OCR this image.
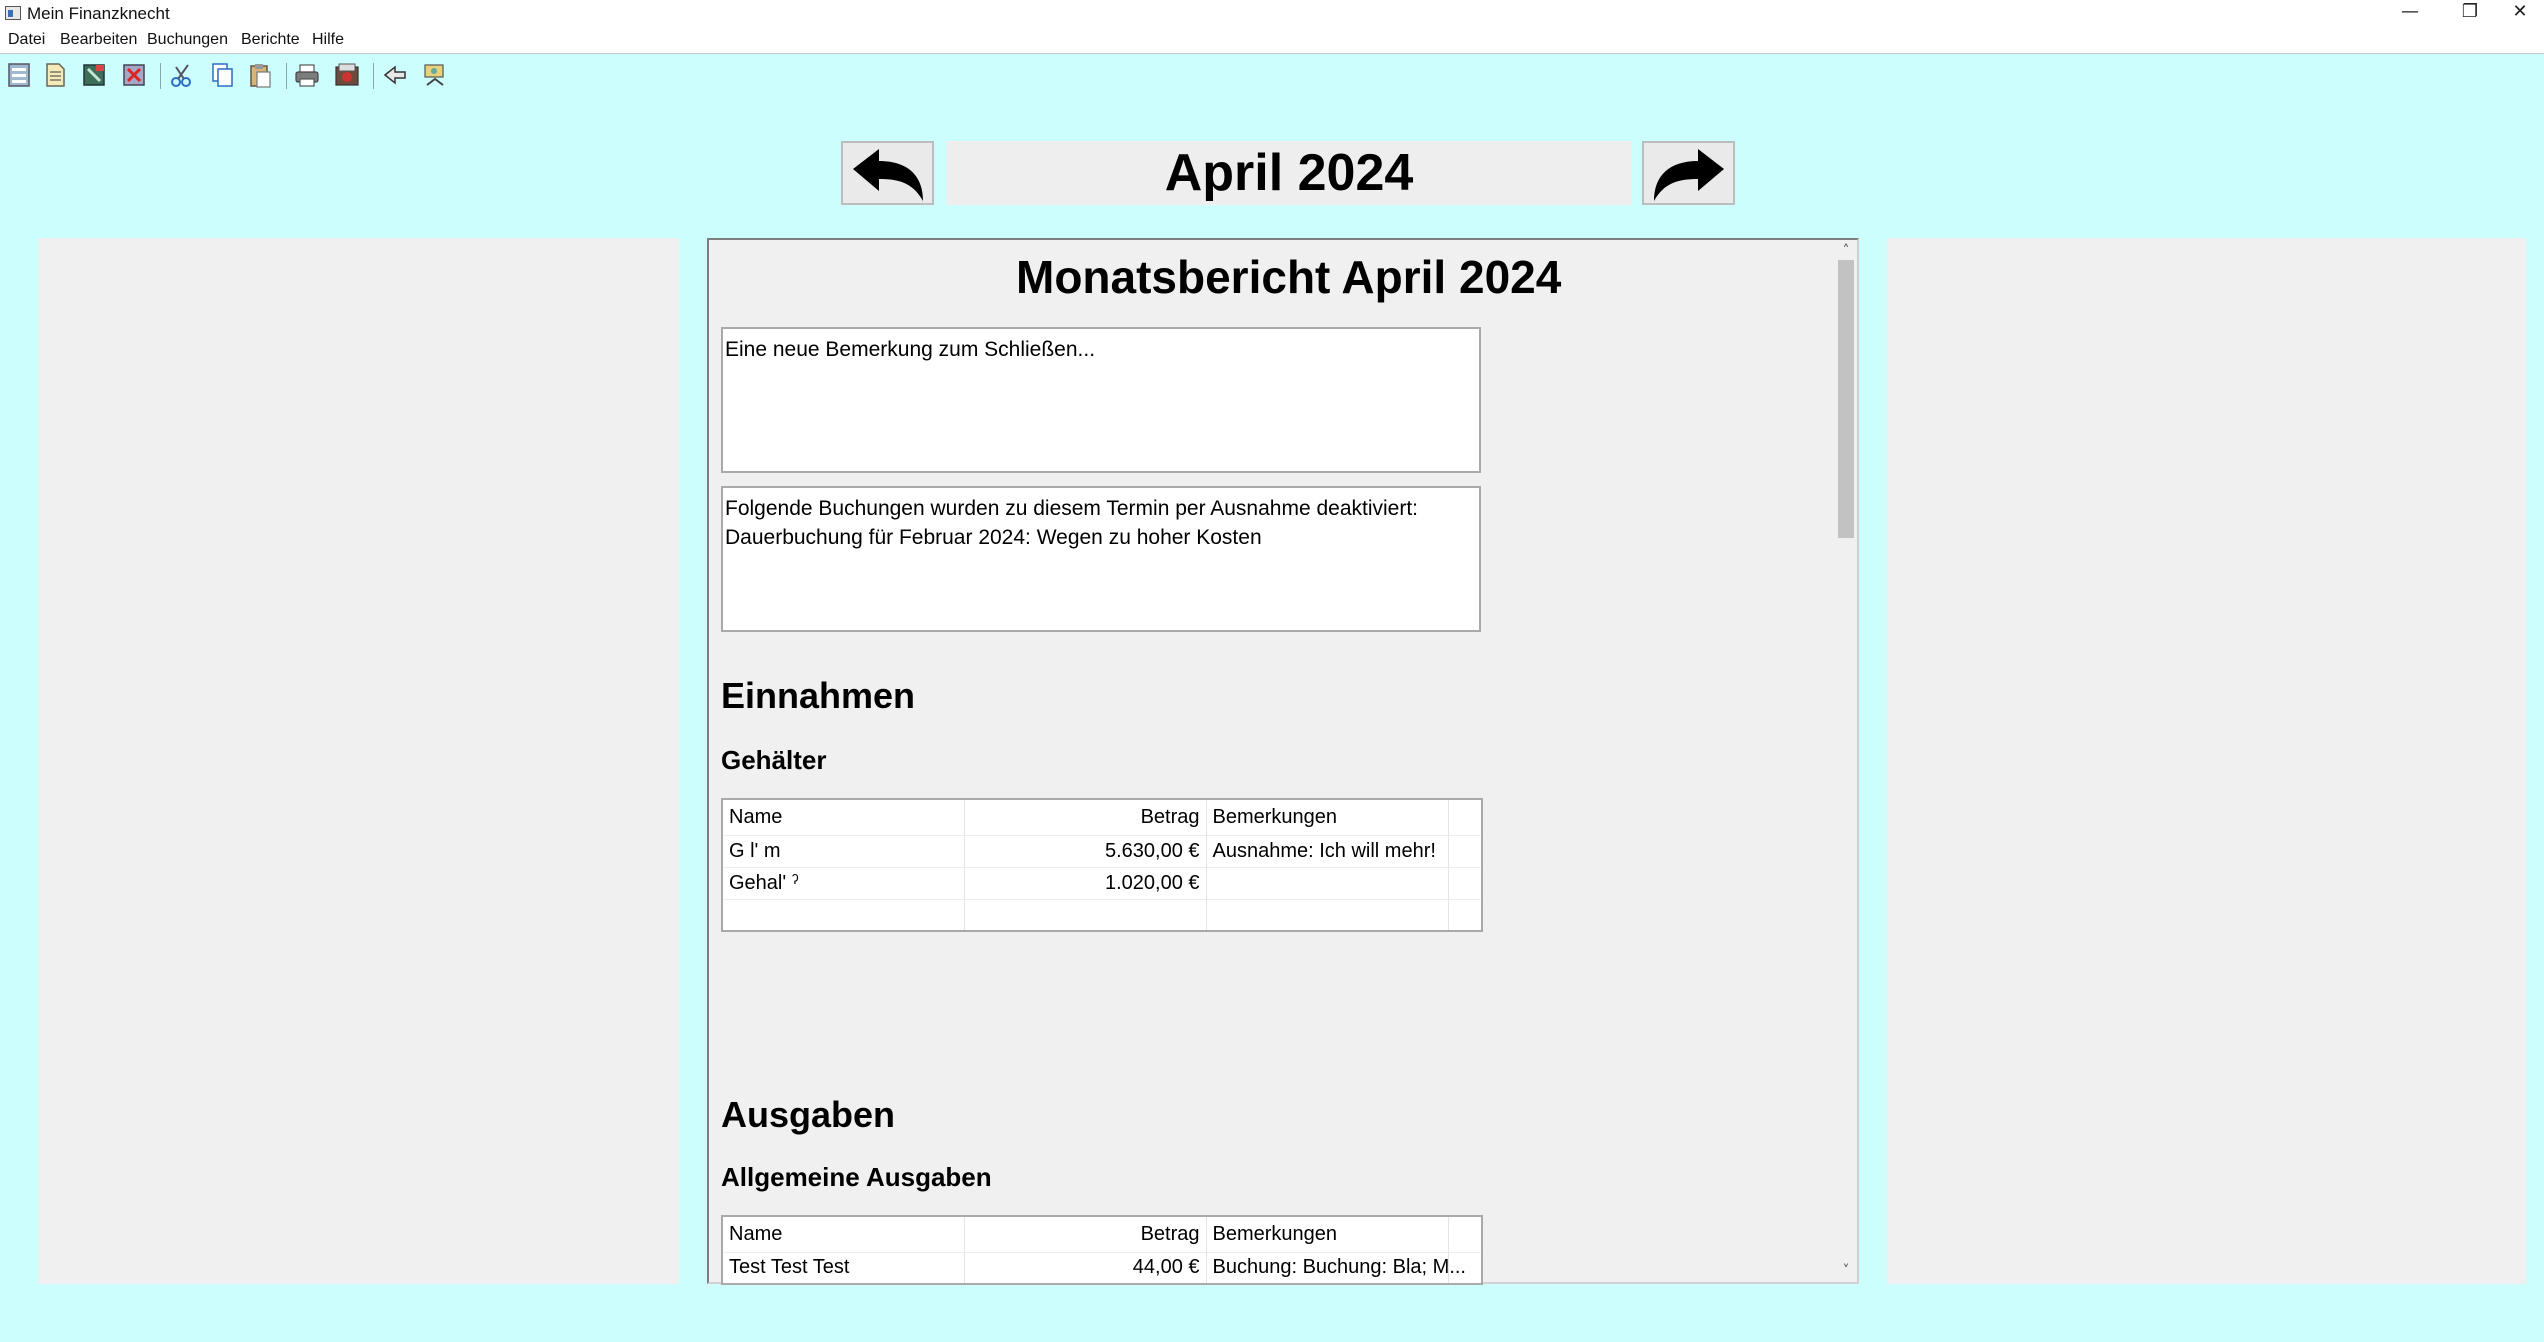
Mein Finanzknecht	—	❐	✕
Datei Bearbeiten Buchungen Berichte Hilfe
April 2024
Monatsbericht April 2024
Eine neue Bemerkung zum Schließen...
Folgende Buchungen wurden zu diesem Termin per Ausnahme deaktiviert:
Dauerbuchung für Februar 2024: Wegen zu hoher Kosten
Einnahmen
Gehälter
Name	Betrag	Bemerkungen	
G l' m	5.630,00 €	Ausnahme: Ich will mehr!	
Gehal' ˀ	1.020,00 €		

Ausgaben
Allgemeine Ausgaben
Name	Betrag	Bemerkungen	
Test Test Test	44,00 €	Buchung: Buchung: Bla; M...	
˄
˅
